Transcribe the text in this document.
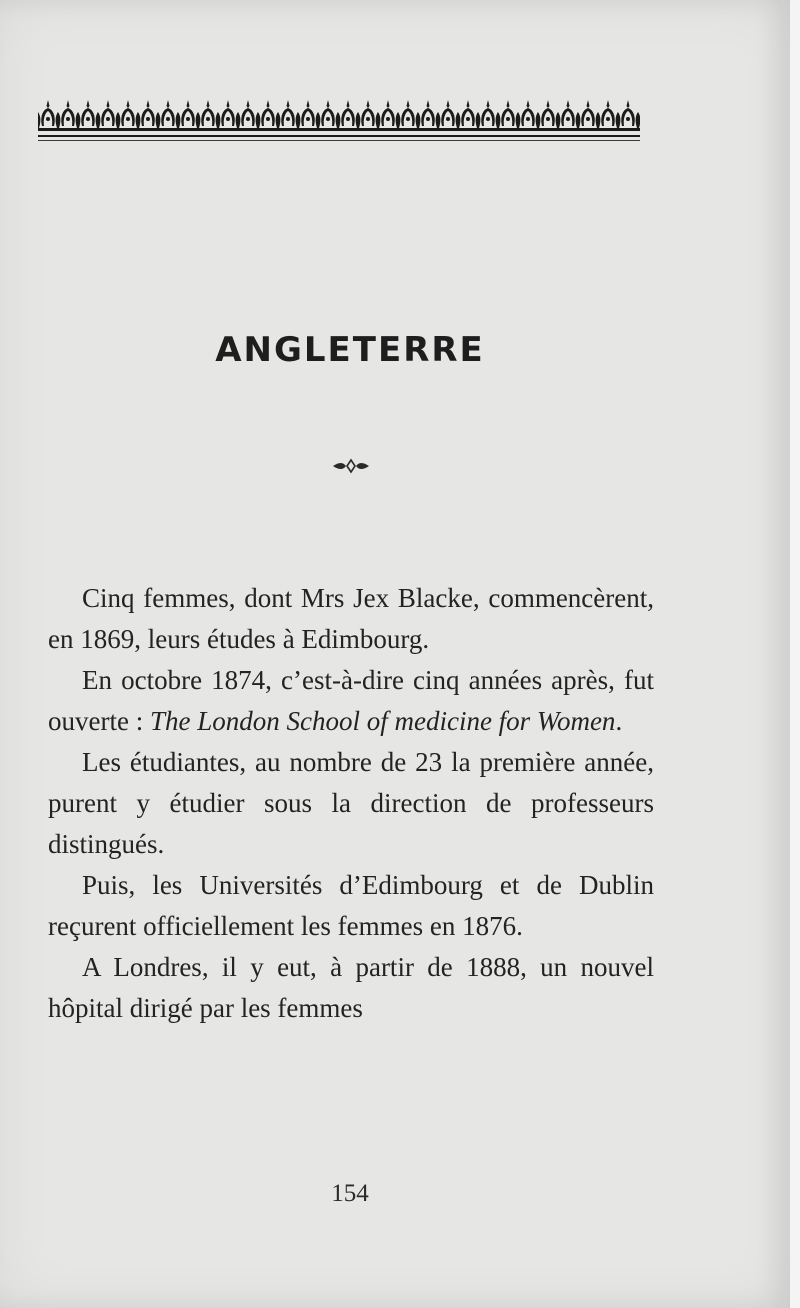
ANGLETERRE

Cinq femmes, dont Mrs Jex Blacke, commencèrent, en 1869, leurs études à Edimbourg.

En octobre 1874, c’est-à-dire cinq années après, fut ouverte : The London School of medicine for Women.

Les étudiantes, au nombre de 23 la première année, purent y étudier sous la direction de professeurs distingués.

Puis, les Universités d’Edimbourg et de Dublin reçurent officiellement les femmes en 1876.

A Londres, il y eut, à partir de 1888, un nouvel hôpital dirigé par les femmes

154
